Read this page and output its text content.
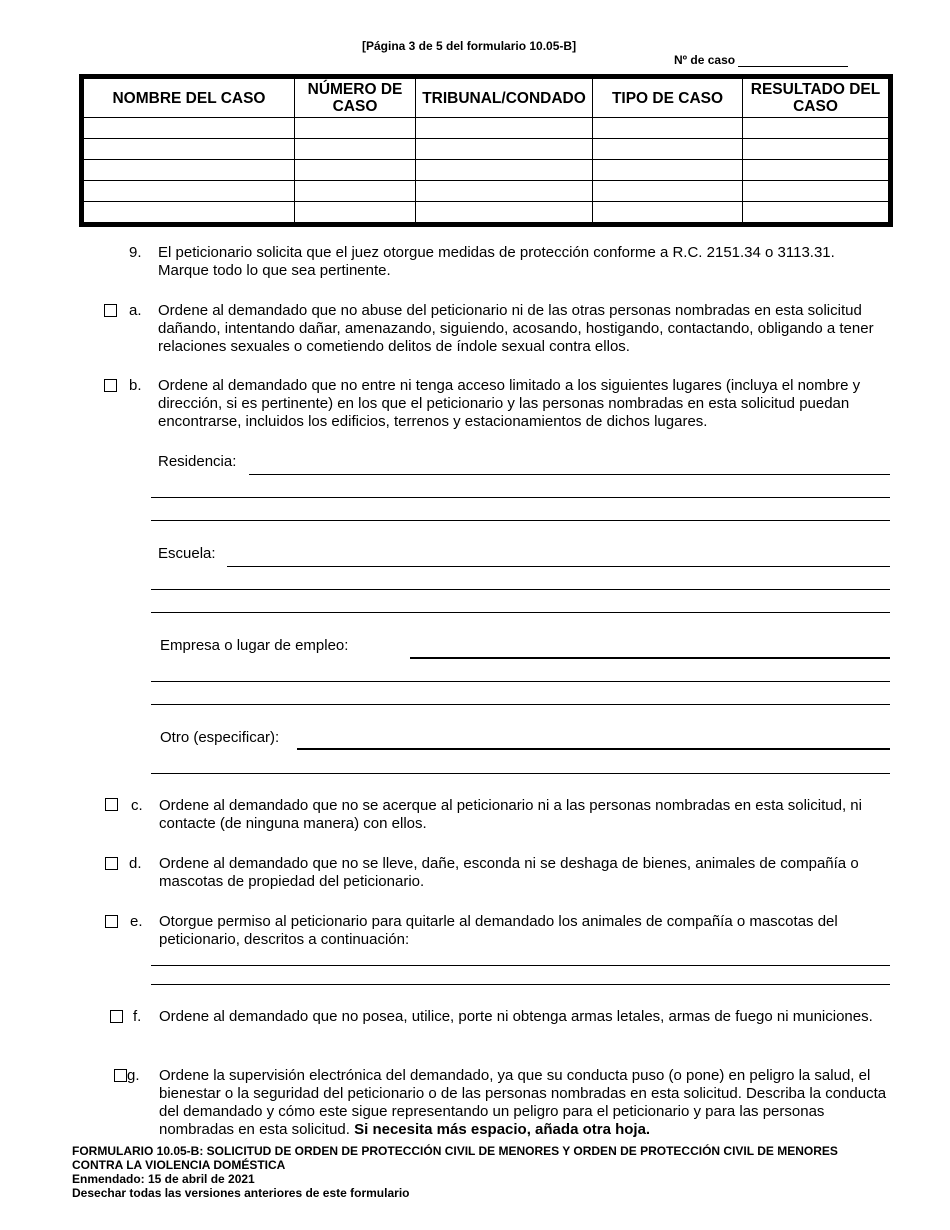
[Página 3 de 5 del formulario 10.05-B]
Nº de caso
NOMBRE DEL CASO	NÚMERO DE CASO	TRIBUNAL/CONDADO	TIPO DE CASO	RESULTADO DEL CASO

9. El peticionario solicita que el juez otorgue medidas de protección conforme a R.C. 2151.34 o 3113.31. Marque todo lo que sea pertinente.
a. Ordene al demandado que no abuse del peticionario ni de las otras personas nombradas en esta solicitud dañando, intentando dañar, amenazando, siguiendo, acosando, hostigando, contactando, obligando a tener relaciones sexuales o cometiendo delitos de índole sexual contra ellos.
b. Ordene al demandado que no entre ni tenga acceso limitado a los siguientes lugares (incluya el nombre y dirección, si es pertinente) en los que el peticionario y las personas nombradas en esta solicitud puedan encontrarse, incluidos los edificios, terrenos y estacionamientos de dichos lugares.
Residencia:
Escuela:
Empresa o lugar de empleo:
Otro (especificar):
c. Ordene al demandado que no se acerque al peticionario ni a las personas nombradas en esta solicitud, ni contacte (de ninguna manera) con ellos.
d. Ordene al demandado que no se lleve, dañe, esconda ni se deshaga de bienes, animales de compañía o mascotas de propiedad del peticionario.
e. Otorgue permiso al peticionario para quitarle al demandado los animales de compañía o mascotas del peticionario, descritos a continuación:
f. Ordene al demandado que no posea, utilice, porte ni obtenga armas letales, armas de fuego ni municiones.
g. Ordene la supervisión electrónica del demandado, ya que su conducta puso (o pone) en peligro la salud, el bienestar o la seguridad del peticionario o de las personas nombradas en esta solicitud. Describa la conducta del demandado y cómo este sigue representando un peligro para el peticionario y para las personas nombradas en esta solicitud. Si necesita más espacio, añada otra hoja.
FORMULARIO 10.05-B: SOLICITUD DE ORDEN DE PROTECCIÓN CIVIL DE MENORES Y ORDEN DE PROTECCIÓN CIVIL DE MENORES CONTRA LA VIOLENCIA DOMÉSTICA
Enmendado: 15 de abril de 2021
Desechar todas las versiones anteriores de este formulario
